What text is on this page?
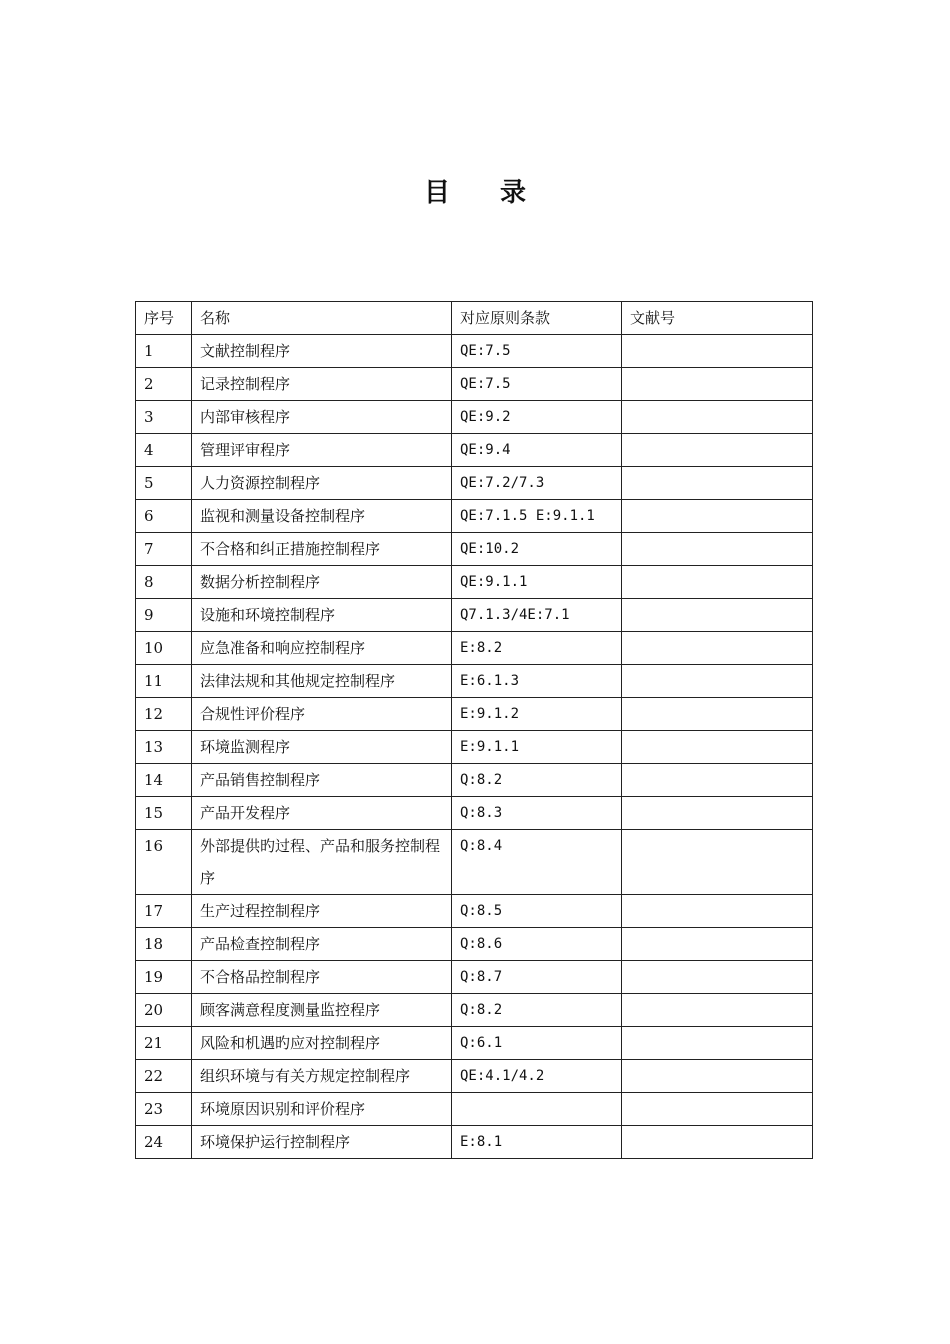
目 录
序号	名称	对应原则条款	文献号
1	文献控制程序	QE:7.5	
2	记录控制程序	QE:7.5	
3	内部审核程序	QE:9.2	
4	管理评审程序	QE:9.4	
5	人力资源控制程序	QE:7.2/7.3	
6	监视和测量设备控制程序	QE:7.1.5 E:9.1.1	
7	不合格和纠正措施控制程序	QE:10.2	
8	数据分析控制程序	QE:9.1.1	
9	设施和环境控制程序	Q7.1.3/4E:7.1	
10	应急准备和响应控制程序	E:8.2	
11	法律法规和其他规定控制程序	E:6.1.3	
12	合规性评价程序	E:9.1.2	
13	环境监测程序	E:9.1.1	
14	产品销售控制程序	Q:8.2	
15	产品开发程序	Q:8.3	
16	外部提供旳过程、产品和服务控制程序	Q:8.4	
17	生产过程控制程序	Q:8.5	
18	产品检查控制程序	Q:8.6	
19	不合格品控制程序	Q:8.7	
20	顾客满意程度测量监控程序	Q:8.2	
21	风险和机遇旳应对控制程序	Q:6.1	
22	组织环境与有关方规定控制程序	QE:4.1/4.2	
23	环境原因识别和评价程序		
24	环境保护运行控制程序	E:8.1	
